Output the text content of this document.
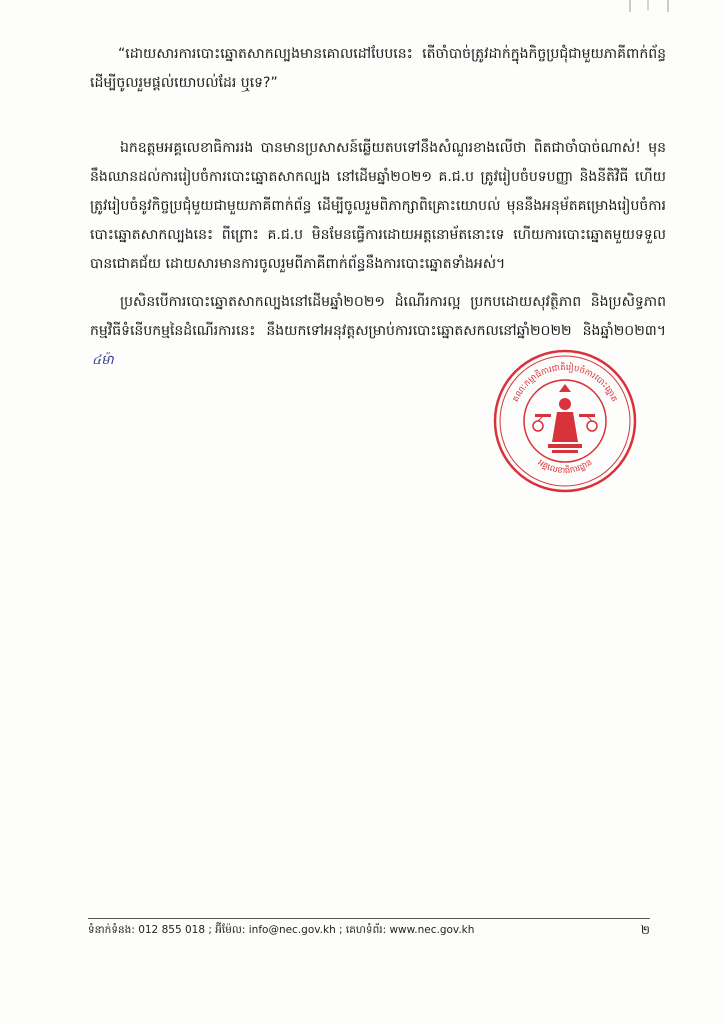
“ដោយសារការបោះឆ្នោតសាកល្បងមានគោលដៅបែបនេះ តើចាំបាច់ត្រូវដាក់ក្នុងកិច្ចប្រជុំជាមួយភាគីពាក់ព័ន្ធ ដើម្បីចូលរួមផ្ដល់យោបល់ដែរ ឬទេ?”

ឯកឧត្តមអគ្គលេខាធិការរង បានមានប្រសាសន៍ឆ្លើយតបទៅនឹងសំណួរខាងលើថា ពិតជាចាំបាច់ណាស់! មុននឹងឈានដល់ការរៀបចំការបោះឆ្នោតសាកល្បង នៅដើមឆ្នាំ២០២១ គ.ជ.ប ត្រូវរៀបចំបទបញ្ញា និងនីតិវិធី ហើយត្រូវរៀបចំនូវកិច្ចប្រជុំមួយជាមួយភាគីពាក់ព័ន្ធ ដើម្បីចូលរួមពិភាក្សាពិគ្រោះយោបល់ មុននឹងអនុម័តគម្រោងរៀបចំការបោះឆ្នោតសាកល្បងនេះ ពីព្រោះ គ.ជ.ប មិនមែនធ្វើការដោយអត្តនោម័តនោះទេ ហើយការបោះឆ្នោតមួយទទួលបានជោគជ័យ ដោយសារមានការចូលរួមពីភាគីពាក់ព័ន្ធនឹងការបោះឆ្នោតទាំងអស់។

ប្រសិនបើការបោះឆ្នោតសាកល្បងនៅដើមឆ្នាំ២០២១ ដំណើរការល្អ ប្រកបដោយសុវត្ថិភាព និងប្រសិទ្ធភាព កម្មវិធីទំនើបកម្មនៃដំណើរការនេះ នឹងយកទៅអនុវត្តសម្រាប់ការបោះឆ្នោតសកលនៅឆ្នាំ២០២២ និងឆ្នាំ២០២៣។៤ម៉ា

គណៈកម្មាធិការជាតិរៀបចំការបោះឆ្នោត
អគ្គលេខាធិការដ្ឋាន
ទំនាក់ទំនង: 012 855 018 ; អ៊ីម៉ែល: info@nec.gov.kh ; គេហទំព័រ: www.nec.gov.kh	២
